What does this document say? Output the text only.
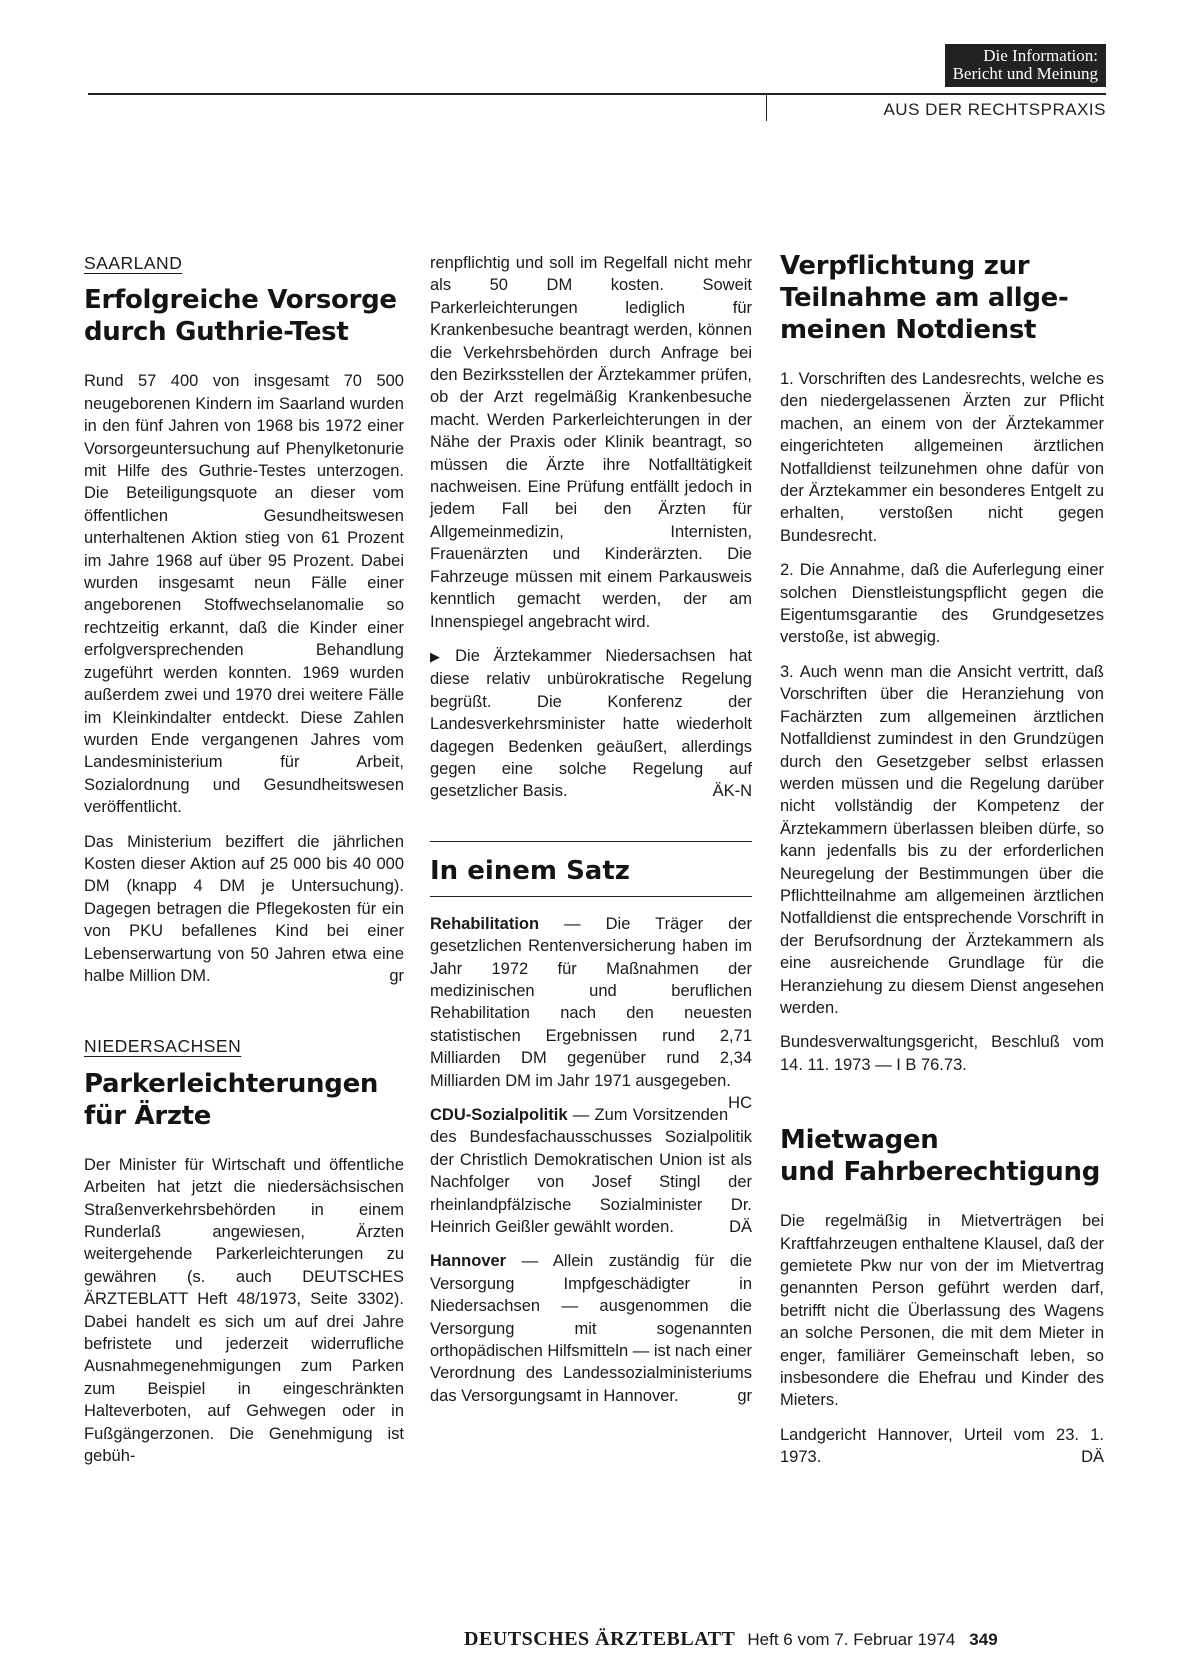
Die Information:
Bericht und Meinung
AUS DER RECHTSPRAXIS
SAARLAND
Erfolgreiche Vorsorge
durch Guthrie-Test

Rund 57 400 von insgesamt 70 500 neugeborenen Kindern im Saarland wurden in den fünf Jahren von 1968 bis 1972 einer Vorsorgeuntersuchung auf Phenylketonurie mit Hilfe des Guthrie-Testes unterzogen. Die Beteiligungsquote an dieser vom öffentlichen Gesundheitswesen unterhaltenen Aktion stieg von 61 Prozent im Jahre 1968 auf über 95 Prozent. Dabei wurden insgesamt neun Fälle einer angeborenen Stoffwechselanomalie so rechtzeitig erkannt, daß die Kinder einer erfolgversprechenden Behandlung zugeführt werden konnten. 1969 wurden außerdem zwei und 1970 drei weitere Fälle im Kleinkindalter entdeckt. Diese Zahlen wurden Ende vergangenen Jahres vom Landesministerium für Arbeit, Sozialordnung und Gesundheitswesen veröffentlicht.

Das Ministerium beziffert die jährlichen Kosten dieser Aktion auf 25 000 bis 40 000 DM (knapp 4 DM je Untersuchung). Dagegen betragen die Pflegekosten für ein von PKU befallenes Kind bei einer Lebenserwartung von 50 Jahren etwa eine halbe Million DM.	gr

NIEDERSACHSEN
Parkerleichterungen
für Ärzte

Der Minister für Wirtschaft und öffentliche Arbeiten hat jetzt die niedersächsischen Straßenverkehrsbehörden in einem Runderlaß angewiesen, Ärzten weitergehende Parkerleichterungen zu gewähren (s. auch DEUTSCHES ÄRZTEBLATT Heft 48/1973, Seite 3302). Dabei handelt es sich um auf drei Jahre befristete und jederzeit widerrufliche Ausnahmegenehmigungen zum Parken zum Beispiel in eingeschränkten Halteverboten, auf Gehwegen oder in Fußgängerzonen. Die Genehmigung ist gebüh-

renpflichtig und soll im Regelfall nicht mehr als 50 DM kosten. Soweit Parkerleichterungen lediglich für Krankenbesuche beantragt werden, können die Verkehrsbehörden durch Anfrage bei den Bezirksstellen der Ärztekammer prüfen, ob der Arzt regelmäßig Krankenbesuche macht. Werden Parkerleichterungen in der Nähe der Praxis oder Klinik beantragt, so müssen die Ärzte ihre Notfalltätigkeit nachweisen. Eine Prüfung entfällt jedoch in jedem Fall bei den Ärzten für Allgemeinmedizin, Internisten, Frauenärzten und Kinderärzten. Die Fahrzeuge müssen mit einem Parkausweis kenntlich gemacht werden, der am Innenspiegel angebracht wird.

▶ Die Ärztekammer Niedersachsen hat diese relativ unbürokratische Regelung begrüßt. Die Konferenz der Landesverkehrsminister hatte wiederholt dagegen Bedenken geäußert, allerdings gegen eine solche Regelung auf gesetzlicher Basis.	ÄK-N

In einem Satz

Rehabilitation — Die Träger der gesetzlichen Rentenversicherung haben im Jahr 1972 für Maßnahmen der medizinischen und beruflichen Rehabilitation nach den neuesten statistischen Ergebnissen rund 2,71 Milliarden DM gegenüber rund 2,34 Milliarden DM im Jahr 1971 ausgegeben.
HC

CDU-Sozialpolitik — Zum Vorsitzenden des Bundesfachausschusses Sozialpolitik der Christlich Demokratischen Union ist als Nachfolger von Josef Stingl der rheinlandpfälzische Sozialminister Dr. Heinrich Geißler gewählt worden.	DÄ

Hannover — Allein zuständig für die Versorgung Impfgeschädigter in Niedersachsen — ausgenommen die Versorgung mit sogenannten orthopädischen Hilfsmitteln — ist nach einer Verordnung des Landessozialministeriums das Versorgungsamt in Hannover.	gr

Verpflichtung zur
Teilnahme am allge-
meinen Notdienst

1. Vorschriften des Landesrechts, welche es den niedergelassenen Ärzten zur Pflicht machen, an einem von der Ärztekammer eingerichteten allgemeinen ärztlichen Notfalldienst teilzunehmen ohne dafür von der Ärztekammer ein besonderes Entgelt zu erhalten, verstoßen nicht gegen Bundesrecht.

2. Die Annahme, daß die Auferlegung einer solchen Dienstleistungspflicht gegen die Eigentumsgarantie des Grundgesetzes verstoße, ist abwegig.

3. Auch wenn man die Ansicht vertritt, daß Vorschriften über die Heranziehung von Fachärzten zum allgemeinen ärztlichen Notfalldienst zumindest in den Grundzügen durch den Gesetzgeber selbst erlassen werden müssen und die Regelung darüber nicht vollständig der Kompetenz der Ärztekammern überlassen bleiben dürfe, so kann jedenfalls bis zu der erforderlichen Neuregelung der Bestimmungen über die Pflichtteilnahme am allgemeinen ärztlichen Notfalldienst die entsprechende Vorschrift in der Berufsordnung der Ärztekammern als eine ausreichende Grundlage für die Heranziehung zu diesem Dienst angesehen werden.

Bundesverwaltungsgericht, Beschluß vom 14. 11. 1973 — I B 76.73.

Mietwagen
und Fahrberechtigung

Die regelmäßig in Mietverträgen bei Kraftfahrzeugen enthaltene Klausel, daß der gemietete Pkw nur von der im Mietvertrag genannten Person geführt werden darf, betrifft nicht die Überlassung des Wagens an solche Personen, die mit dem Mieter in enger, familiärer Gemeinschaft leben, so insbesondere die Ehefrau und Kinder des Mieters.

Landgericht Hannover, Urteil vom 23. 1. 1973.	DÄ

DEUTSCHES ÄRZTEBLATT Heft 6 vom 7. Februar 1974 349
